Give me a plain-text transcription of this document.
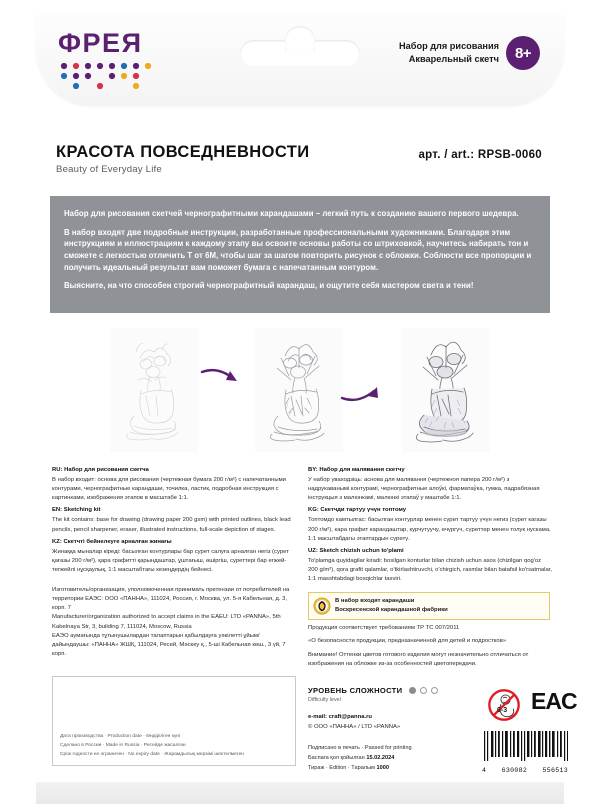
ФРЕЯ	Набор для рисования
Акварельный скетч	8+
КРАСОТА ПОВСЕДНЕВНОСТИ
Beauty of Everyday Life
арт. / art.: RPSB-0060

Набор для рисования скетчей чернографитными карандашами – легкий путь к созданию вашего первого шедевра.

В набор входят две подробные инструкции, разработанные профессиональными художниками. Благодаря этим инструкциям и иллюстрациям к каждому этапу вы освоите основы работы со штриховкой, научитесь набирать тон и сможете с легкостью отличить T от 6M, чтобы шаг за шагом повторить рисунок с обложки. Соблюсти все пропорции и получить идеальный результат вам поможет бумага с напечатанным контуром.

Выясните, на что способен строгий чернографитный карандаш, и ощутите себя мастером света и тени!

RU: Набор для рисования скетча
В набор входит: основа для рисования (чертежная бумага 200 г/м²) с напечатанными контурами, чернографитные карандаши, точилка, ластик, подробная инструкция с картинками, изображения этапов в масштабе 1:1.
EN: Sketching kit
The kit contains: base for drawing (drawing paper 200 gsm) with printed outlines, black lead pencils, pencil sharpener, eraser, illustrated instructions, full-scale depiction of stages.
KZ: Скетчті бейнелеуге арналған жинағы
Жинаққа мыналар кіреді: басылған контурлары бар сурет салуға арналған негіз (сурет қағазы 200 г/м²), қара графитті қарындаштар, ұштағыш, өшіргіш, суреттері бар егжей-тегжейлі нұсқаулық, 1:1 масштабтағы кезеңдердің бейнесі.
Изготовитель/организация, уполномоченная принимать претензии от потребителей на территории ЕАЭС: ООО «ПАННА», 111024, Россия, г. Москва, ул. 5-я Кабельная, д. 3, корп. 7
Manufacturer/organization authorized to accept claims in the EAEU: LTD «PANNA», 5th Kabelnaya Str, 3, building 7, 111024, Moscow, Russia
ЕАЭО аумағында тұтынушылардан талаптарын қабылдауға уәкілетті ұйым/дайындаушы: «ПАННА» ЖШҚ, 111024, Ресей, Мәскеу қ., 5-ші Кабельная көш., 3 үй, 7 корп.
BY: Набор для малявання скетчу
У набор уваходзіць: аснова для малявання (чертежноя папера 200 г/м²) з надрукаванымі контурамі, чернографитные алоўкі, фарматаўка, гумка, падрабязная інструкцыя з малюнкамі, малюнкі этапаў у маштабе 1:1.
KG: Скетчди тартуу үчүн топтому
Топтомдо камтылгас: басылган контурлар менен сүрөт тартуу үчүн негиз (сүрөт кагазы 200 г/м²), кара графит карандаштар, курчутуучу, өчүргүч, сүрөттөр менен толук нускама, 1:1 масштабдагы этаптардын сүрөтү.
UZ: Sketch chizish uchun to'plami
To'plamga quyidagilar kiradi: bosilgan konturlar bilan chizish uchun asos (chizilgan qog'oz 200 g/m²), qora grafit qalamlar, o'tkirlashtiruvchi, o'chirgich, rasmlar bilan batafsil ko'rsatmalar, 1:1 masshtabdagi bosqichlar tasviri.
Дата производства · Production date · Өндірілген күні
Сделано в России · Made in Russia · Ресейде жасалған
Срок годности не ограничен · No expiry date · Жарамдылық мерзімі шектелмеген
В набор входят карандаши
Воскресенской карандашной фабрики

Продукция соответствует требованиям ТР ТС 007/2011

«О безопасности продукции, предназначенной для детей и подростков»

Внимание! Оттенки цветов готового изделия могут незначительно отличаться от изображения на обложке из-за особенностей цветопередачи.

УРОВЕНЬ СЛОЖНОСТИ
Difficulty level
e-mail: craft@panna.ru
© ООО «ПАННА» / LTD «PANNA»
Подписано в печать · Passed for printing
Баспага қол қойылған 15.02.2024
Тираж · Edition · Таралым 1000
0-3 EAC
4 630082 556513
